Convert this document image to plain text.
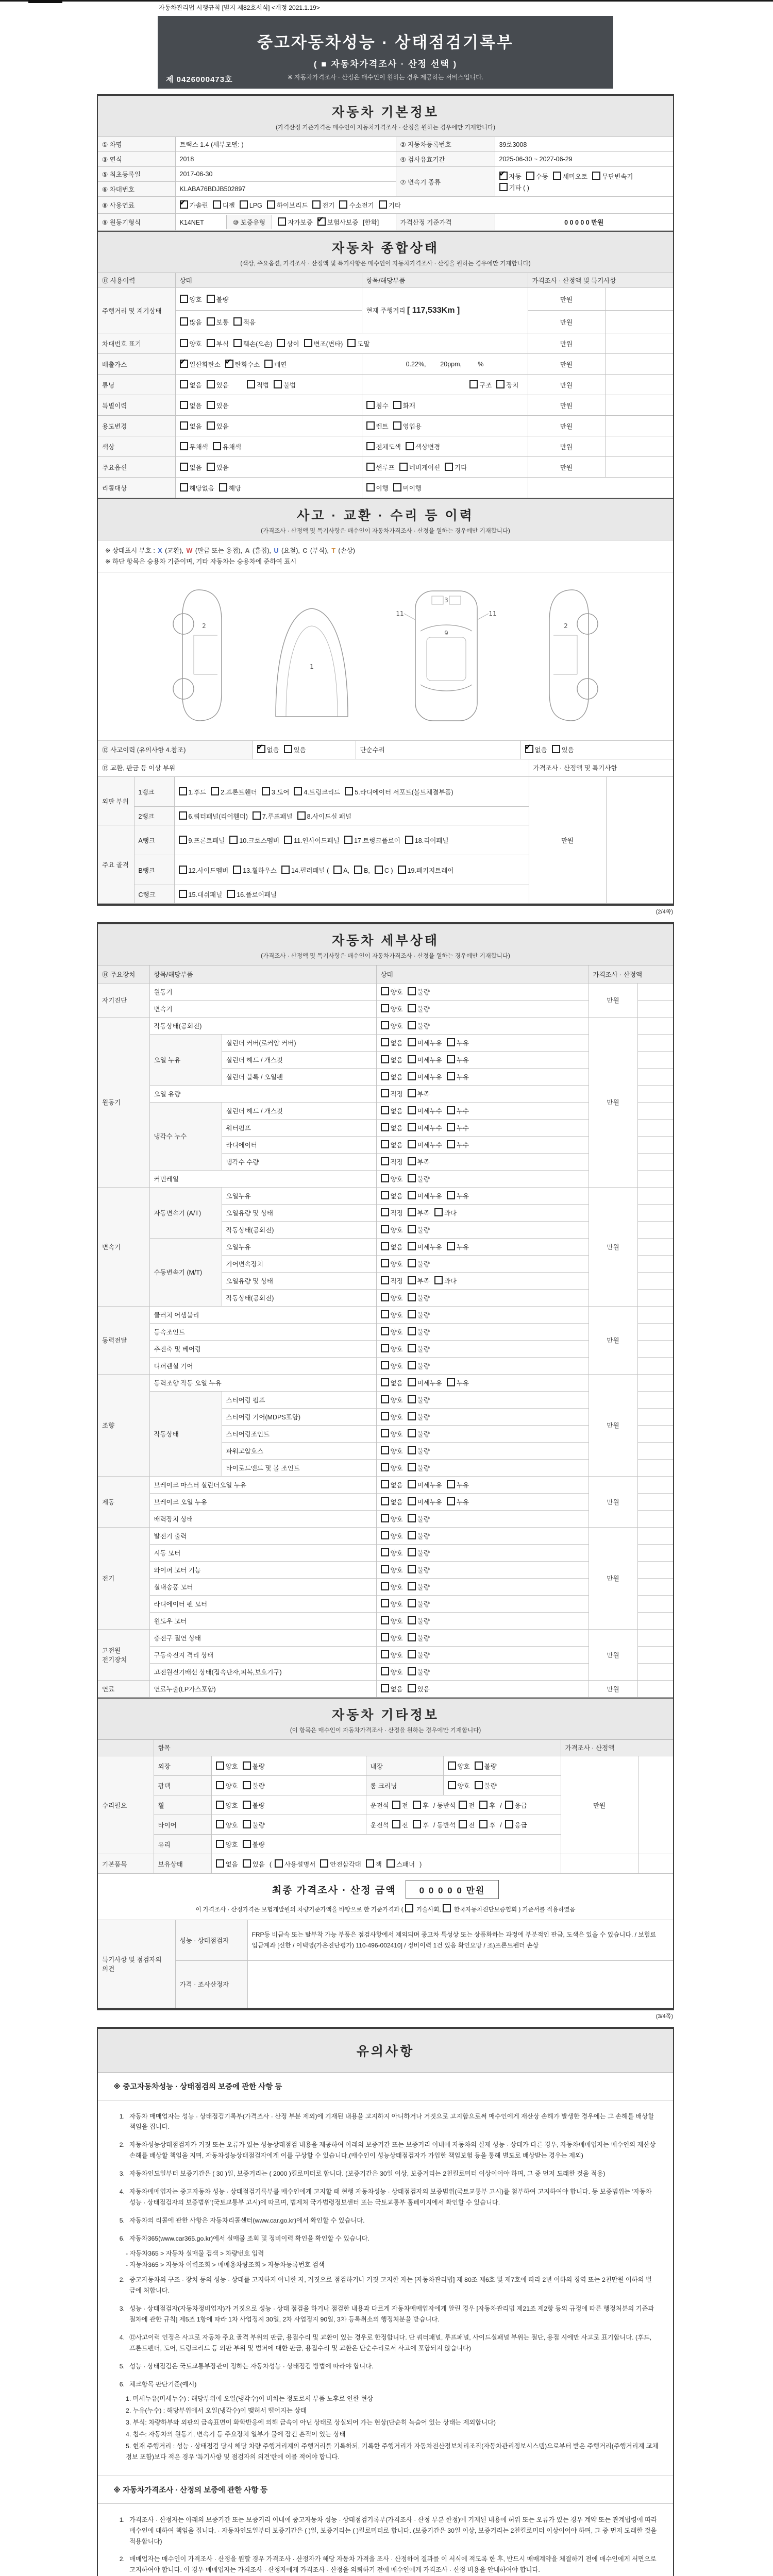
자동차관리법 시행규칙 [별지 제82호서식] <개정 2021.1.19>
제 0426000473호
중고자동차성능 · 상태점검기록부
( ■ 자동차가격조사 · 산정 선택 )
※ 자동차가격조사 · 산정은 매수인이 원하는 경우 제공하는 서비스입니다.
자동차 기본정보
(가격산정 기준가격은 매수인이 자동차가격조사 · 산정을 원하는 경우에만 기재합니다)
① 차명	트랙스 1.4 (세부모델: )	② 자동차등록번호	39로3008
③ 연식	2018	④ 검사유효기간	2025-06-30 ~ 2027-06-29
⑤ 최초등록일	2017-06-30	⑦ 변속기 종류	✔자동 수동 세미오토 무단변속기기타 ( )
⑥ 차대번호	KLABA76BDJB502897		
⑧ 사용연료	✔가솔린 디젤 LPG 하이브리드 전기 수소전기 기타
⑨ 원동기형식	K14NET ⑩ 보증유형 자가보증 ✔ 보험사보증 [한화]	가격산정 기준가격	0 0 0 0 0 만원
자동차 종합상태
(색상, 주요옵션, 가격조사 · 산정액 및 특기사항은 매수인이 자동차가격조사 · 산정을 원하는 경우에만 기재합니다)
⑪ 사용이력	상태	항목/해당부품	가격조사 · 산정액 및 특기사항	
주행거리 및 계기상태	양호 불량	현재 주행거리 [ 117,533Km ]	만원	
	많음 보통 적음		만원	
차대번호 표기	양호 부식 훼손(오손) 상이 변조(변타) 도말		만원	
배출가스	✔일산화탄소 ✔ 탄화수소 매연	0.22%,        20ppm,         %	만원	
튜닝	없음 있음 적법 불법	구조 장치	만원	
특별이력	없음 있음	침수 화재	만원	
용도변경	없음 있음	렌트 영업용	만원	
색상	무채색 유채색	전체도색 색상변경	만원	
주요옵션	없음 있음	썬루프 네비게이션 기타	만원	
리콜대상	해당없음 해당	이행 미이행		
사고 · 교환 · 수리 등 이력
(가격조사 · 산정액 및 특기사항은 매수인이 자동차가격조사 · 산정을 원하는 경우에만 기재합니다)
※ 상태표시 부호 : X (교환), W (판금 또는 용접), A (흠집), U (요철), C (부식), T (손상)
※ 하단 항목은 승용차 기준이며, 기타 자동차는 승용차에 준하여 표시
2
1
11
3
11
9
2
⑫ 사고이력 (유의사항 4.참조)	✔없음 있음	단순수리	✔없음 있음
⑬ 교환, 판금 등 이상 부위			가격조사 · 산정액 및 특기사항	
외판 부위	1랭크	1.후드 2.프론트휀더 3.도어 4.트렁크리드 5.라디에이터 서포트(볼트체결부품)	만원	
	2랭크	6.쿼터패널(리어휀더) 7.루프패널 8.사이드실 패널		
주요 골격	A랭크	9.프론트패널 10.크로스멤버 11.인사이드패널 17.트렁크플로어 18.리어패널		
	B랭크	12.사이드멤버 13.휠하우스 14.필러패널 ( A, B, C ) 19.패키지트레이		
	C랭크	15.대쉬패널 16.플로어패널		
(2/4쪽)
자동차 세부상태
(가격조사 · 산정액 및 특기사항은 매수인이 자동차가격조사 · 산정을 원하는 경우에만 기재합니다)
⑭ 주요장치	항목/해당부품		상태	가격조사 · 산정액	
자기진단	원동기		양호 불량	만원	
	변속기		양호 불량		
원동기	작동상태(공회전)		양호 불량	만원	
	오일 누유	실린더 커버(로커암 커버)	없음 미세누유 누유		
		실린더 헤드 / 개스킷	없음 미세누유 누유		
		실린더 블록 / 오일팬	없음 미세누유 누유		
	오일 유량		적정 부족		
	냉각수 누수	실린더 헤드 / 개스킷	없음 미세누수 누수		
		워터펌프	없음 미세누수 누수		
		라디에이터	없음 미세누수 누수		
		냉각수 수량	적정 부족		
	커먼레일		양호 불량		
변속기	자동변속기 (A/T)	오일누유	없음 미세누유 누유	만원	
		오일유량 및 상태	적정 부족 과다		
		작동상태(공회전)	양호 불량		
	수동변속기 (M/T)	오일누유	없음 미세누유 누유		
		기어변속장치	양호 불량		
		오일유량 및 상태	적정 부족 과다		
		작동상태(공회전)	양호 불량		
동력전달	클러치 어셈블리		양호 불량	만원	
	등속조인트		양호 불량		
	추진축 및 베어링		양호 불량		
	디퍼렌셜 기어		양호 불량		
조향	동력조향 작동 오일 누유		없음 미세누유 누유	만원	
	작동상태	스티어링 펌프	양호 불량		
		스티어링 기어(MDPS포함)	양호 불량		
		스티어링조인트	양호 불량		
		파워고압호스	양호 불량		
		타이로드엔드 및 볼 조인트	양호 불량		
제동	브레이크 마스터 실린더오일 누유		없음 미세누유 누유	만원	
	브레이크 오일 누유		없음 미세누유 누유		
	배력장치 상태		양호 불량		
전기	발전기 출력		양호 불량	만원	
	시동 모터		양호 불량		
	와이퍼 모터 기능		양호 불량		
	실내송풍 모터		양호 불량		
	라디에이터 팬 모터		양호 불량		
	윈도우 모터		양호 불량		
고전원 전기장치	충전구 절연 상태		양호 불량	만원	
	구동축전지 격리 상태		양호 불량		
	고전원전기배선 상태(접속단자,피복,보호기구)		양호 불량		
연료	연료누출(LP가스포함)		없음 있음	만원	
자동차 기타정보
(이 항목은 매수인이 자동차가격조사 · 산정을 원하는 경우에만 기재합니다)
	항목				가격조사 · 산정액	
수리필요	외장	양호 불량	내장	양호 불량	만원	
	광택	양호 불량	룸 크리닝	양호 불량		
	휠	양호 불량	운전석 전 후 / 동반석 전 후 / 응급			
	타이어	양호 불량	운전석 전 후 / 동반석 전 후 / 응급			
	유리	양호 불량				
기본품목	보유상태	없음 있음 ( 사용설명서 안전삼각대 잭 스패너 )				
최종 가격조사 · 산정 금액	0 0 0 0 0 만원
이 가격조사 · 산정가격은 보험개발원의 차량기준가액을 바탕으로 한 기준가격과 ( 기술사회, 한국자동차진단보증협회 ) 기준서를 적용하였음
특기사항 및 점검자의 의견	성능 · 상태점검자	FRP등 비금속 또는 탈부착 가능 부품은 점검사항에서 제외되며 중고차 특성상 또는 상품화하는 과정에 부분적인 판금, 도색은 있을 수 있습니다. / 보험료 입금계좌 [신한 / 이택영(가온진단평가) 110-496-002410] / 정비이력 1건 있음 확인요망 / 조)프론트펜더 손상
	가격 · 조사산정자	
(3/4쪽)
유의사항
※ 중고자동차성능 · 상태점검의 보증에 관한 사항 등
1. 자동차 매매업자는 성능 · 상태점검기록부(가격조사 · 산정 부분 제외)에 기재된 내용을 고지하지 아니하거나 거짓으로 고지함으로써 매수인에게 재산상 손해가 발생한 경우에는 그 손해를 배상할 책임을 집니다.
2. 자동차성능상태점검자가 거짓 또는 오류가 있는 성능상태점검 내용을 제공하여 아래의 보증기간 또는 보증거리 이내에 자동차의 실제 성능 · 상태가 다른 경우, 자동차매매업자는 매수인의 재산상 손해를 배상할 책임을 지며, 자동차성능상태점검자에게 이를 구상할 수 있습니다.(매수인이 성능상태점검자가 가입한 책임보험 등을 통해 별도로 배상받는 경우는 제외)
3. 자동차인도일부터 보증기간은 ( 30 )일, 보증거리는 ( 2000 )킬로미터로 합니다. (보증기간은 30일 이상, 보증거리는 2천킬로미터 이상이어야 하며, 그 중 먼저 도래한 것을 적용)
4. 자동차매매업자는 중고자동차 성능 · 상태점검기록부를 매수인에게 고지할 때 현행 자동차성능 · 상태점검자의 보증범위(국토교통부 고시)를 첨부하여 고지하여야 합니다. 동 보증범위는 '자동차성능 · 상태점검자의 보증범위'(국토교통부 고시)에 따르며, 법제처 국가법령정보센터 또는 국토교통부 홈페이지에서 확인할 수 있습니다.
5. 자동차의 리콜에 관한 사항은 자동차리콜센터(www.car.go.kr)에서 확인할 수 있습니다.
6. 자동차365(www.car365.go.kr)에서 실매물 조회 및 정비이력 확인을 확인할 수 있습니다.
- 자동차365 > 자동차 실매물 검색 > 차량번호 입력
- 자동차365 > 자동차 이력조회 > 매매용차량조회 > 자동차등록번호 검색
2. 중고자동차의 구조 · 장치 등의 성능 · 상태를 고지하지 아니한 자, 거짓으로 점검하거나 거짓 고지한 자는 [자동차관리법] 제 80조 제6호 및 제7호에 따라 2년 이하의 징역 또는 2천만원 이하의 벌금에 처합니다.
3. 성능 · 상태점검자(자동차정비업자)가 거짓으로 성능 · 상태 점검을 하거나 점검한 내용과 다르게 자동차매매업자에게 알린 경우 [자동차관리법 제21조 제2항 등의 규정에 따른 행정처분의 기준과 절차에 관한 규칙] 제5조 1항에 따라 1차 사업정지 30일, 2차 사업정지 90일, 3차 등록취소의 행정처분을 받습니다.
4. ⑫사고이력 인정은 사고로 자동차 주요 골격 부위의 판금, 용접수리 및 교환이 있는 경우로 한정합니다. 단 쿼터패널, 루프패널, 사이드실패널 부위는 절단, 용접 시에만 사고로 표기합니다. (후드, 프론트펜더, 도어, 트렁크리드 등 외판 부위 및 범퍼에 대한 판금, 용접수리 및 교환은 단순수리로서 사고에 포함되지 않습니다)
5. 성능 · 상태점검은 국토교통부장관이 정하는 자동차성능 · 상태점검 방법에 따라야 합니다.
6. 체크항목 판단기준(예시)
1. 미세누유(미세누수) : 해당부위에 오일(냉각수)이 비치는 정도로서 부품 노후로 인한 현상
2. 누유(누수) : 해당부위에서 오일(냉각수)이 맺혀서 떨어지는 상태
3. 부식: 차량하부와 외판의 금속표면이 화학반응에 의해 금속이 아닌 상태로 상실되어 가는 현상(단순히 녹슬어 있는 상태는 제외합니다)
4. 침수: 자동차의 원동기, 변속기 등 주요장치 일부가 물에 잠긴 흔적이 있는 상태
5. 현재 주행거리 : 성능 · 상태점검 당시 해당 차량 주행거리계의 주행거리를 기록하되, 기록한 주행거리가 자동차전산정보처리조직(자동차관리정보시스템)으로부터 받은 주행거리(주행거리계 교체 정보 포함)보다 적은 경우 '특기사항 및 점검자의 의견'란에 이를 적어야 합니다.
※ 자동차가격조사 · 산정의 보증에 관한 사항 등
1. 가격조사 · 산정자는 아래의 보증기간 또는 보증거리 이내에 중고자동차 성능 · 상태점검기록부(가격조사 · 산정 부분 한정)에 기재된 내용에 허위 또는 오류가 있는 경우 계약 또는 관계법령에 따라 매수인에 대하여 책임을 집니다. · 자동차인도일부터 보증기간은 ( )일, 보증거리는 ( )킬로미터로 합니다. (보증기간은 30일 이상, 보증거리는 2천킬로미터 이상이어야 하며, 그 중 먼저 도래한 것을 적용합니다)
2. 매매업자는 매수인이 가격조사 · 산정을 원할 경우 가격조사 · 산정자가 해당 자동차 가격을 조사 · 산정하여 결과를 이 서식에 적도록 한 후, 반드시 매매계약을 체결하기 전에 매수인에게 서면으로 고지하여야 합니다. 이 경우 매매업자는 가격조사 · 산정자에게 가격조사 · 산정을 의뢰하기 전에 매수인에게 가격조사 · 산정 비용을 안내하여야 합니다.
